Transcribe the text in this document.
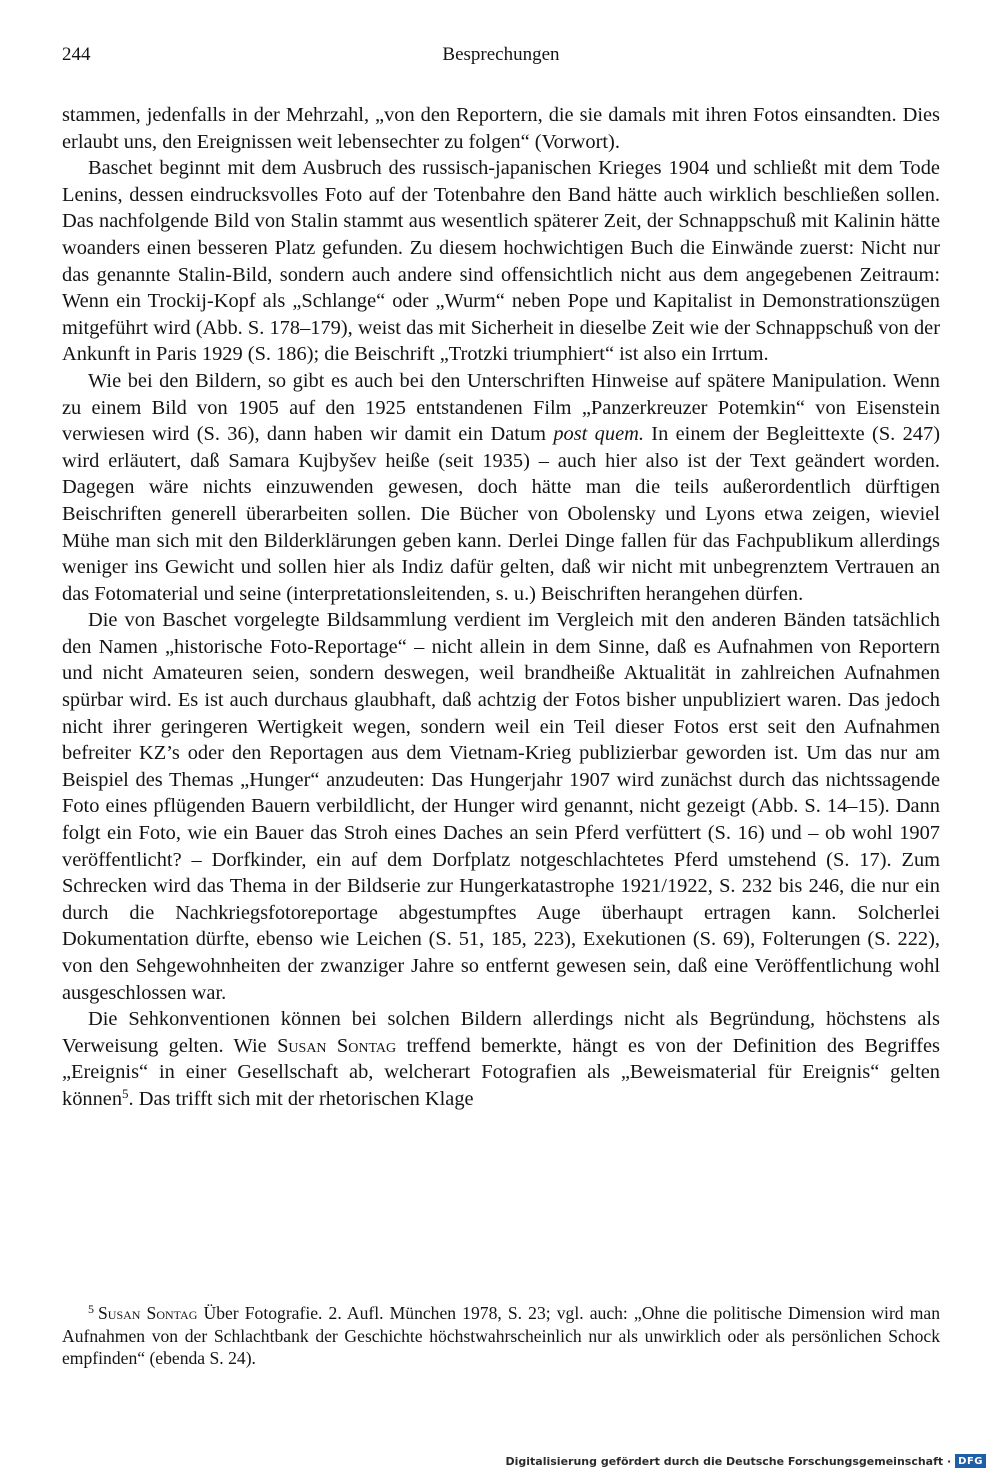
244	Besprechungen

stammen, jedenfalls in der Mehrzahl, „von den Reportern, die sie damals mit ihren Fotos einsandten. Dies erlaubt uns, den Ereignissen weit lebensechter zu folgen“ (Vorwort).

Baschet beginnt mit dem Ausbruch des russisch-japanischen Krieges 1904 und schließt mit dem Tode Lenins, dessen eindrucksvolles Foto auf der Totenbahre den Band hätte auch wirklich beschließen sollen. Das nachfolgende Bild von Stalin stammt aus wesentlich späterer Zeit, der Schnappschuß mit Kalinin hätte woanders einen besseren Platz gefunden. Zu diesem hochwichtigen Buch die Einwände zuerst: Nicht nur das genannte Stalin-Bild, sondern auch andere sind offensichtlich nicht aus dem angegebenen Zeitraum: Wenn ein Trockij-Kopf als „Schlange“ oder „Wurm“ neben Pope und Kapitalist in Demonstrationszügen mitgeführt wird (Abb. S. 178–179), weist das mit Sicherheit in dieselbe Zeit wie der Schnappschuß von der Ankunft in Paris 1929 (S. 186); die Beischrift „Trotzki triumphiert“ ist also ein Irrtum.

Wie bei den Bildern, so gibt es auch bei den Unterschriften Hinweise auf spätere Manipulation. Wenn zu einem Bild von 1905 auf den 1925 entstandenen Film „Panzerkreuzer Potemkin“ von Eisenstein verwiesen wird (S. 36), dann haben wir damit ein Datum post quem. In einem der Begleittexte (S. 247) wird erläutert, daß Samara Kujbyšev heiße (seit 1935) – auch hier also ist der Text geändert worden. Dagegen wäre nichts einzuwenden gewesen, doch hätte man die teils außerordentlich dürftigen Beischriften generell überarbeiten sollen. Die Bücher von Obolensky und Lyons etwa zeigen, wieviel Mühe man sich mit den Bilderklärungen geben kann. Derlei Dinge fallen für das Fachpublikum allerdings weniger ins Gewicht und sollen hier als Indiz dafür gelten, daß wir nicht mit unbegrenztem Vertrauen an das Fotomaterial und seine (interpretationsleitenden, s. u.) Beischriften herangehen dürfen.

Die von Baschet vorgelegte Bildsammlung verdient im Vergleich mit den anderen Bänden tatsächlich den Namen „historische Foto-Reportage“ – nicht allein in dem Sinne, daß es Aufnahmen von Reportern und nicht Amateuren seien, sondern deswegen, weil brandheiße Aktualität in zahlreichen Aufnahmen spürbar wird. Es ist auch durchaus glaubhaft, daß achtzig der Fotos bisher unpubliziert waren. Das jedoch nicht ihrer geringeren Wertigkeit wegen, sondern weil ein Teil dieser Fotos erst seit den Aufnahmen befreiter KZ’s oder den Reportagen aus dem Vietnam-Krieg publizierbar geworden ist. Um das nur am Beispiel des Themas „Hunger“ anzudeuten: Das Hungerjahr 1907 wird zunächst durch das nichtssagende Foto eines pflügenden Bauern verbildlicht, der Hunger wird genannt, nicht gezeigt (Abb. S. 14–15). Dann folgt ein Foto, wie ein Bauer das Stroh eines Daches an sein Pferd verfüttert (S. 16) und – ob wohl 1907 veröffentlicht? – Dorfkinder, ein auf dem Dorfplatz notgeschlachtetes Pferd umstehend (S. 17). Zum Schrecken wird das Thema in der Bildserie zur Hungerkatastrophe 1921/1922, S. 232 bis 246, die nur ein durch die Nachkriegsfotoreportage abgestumpftes Auge überhaupt ertragen kann. Solcherlei Dokumentation dürfte, ebenso wie Leichen (S. 51, 185, 223), Exekutionen (S. 69), Folterungen (S. 222), von den Sehgewohnheiten der zwanziger Jahre so entfernt gewesen sein, daß eine Veröffentlichung wohl ausgeschlossen war.

Die Sehkonventionen können bei solchen Bildern allerdings nicht als Begründung, höchstens als Verweisung gelten. Wie Susan Sontag treffend bemerkte, hängt es von der Definition des Begriffes „Ereignis“ in einer Gesellschaft ab, welcherart Fotografien als „Beweismaterial für Ereignis“ gelten können$^5$. Das trifft sich mit der rhetorischen Klage

$^5$ Susan Sontag Über Fotografie. 2. Aufl. München 1978, S. 23; vgl. auch: „Ohne die politische Dimension wird man Aufnahmen von der Schlachtbank der Geschichte höchstwahrscheinlich nur als unwirklich oder als persönlichen Schock empfinden“ (ebenda S. 24).

Digitalisierung gefördert durch die Deutsche Forschungsgemeinschaft · DFG
